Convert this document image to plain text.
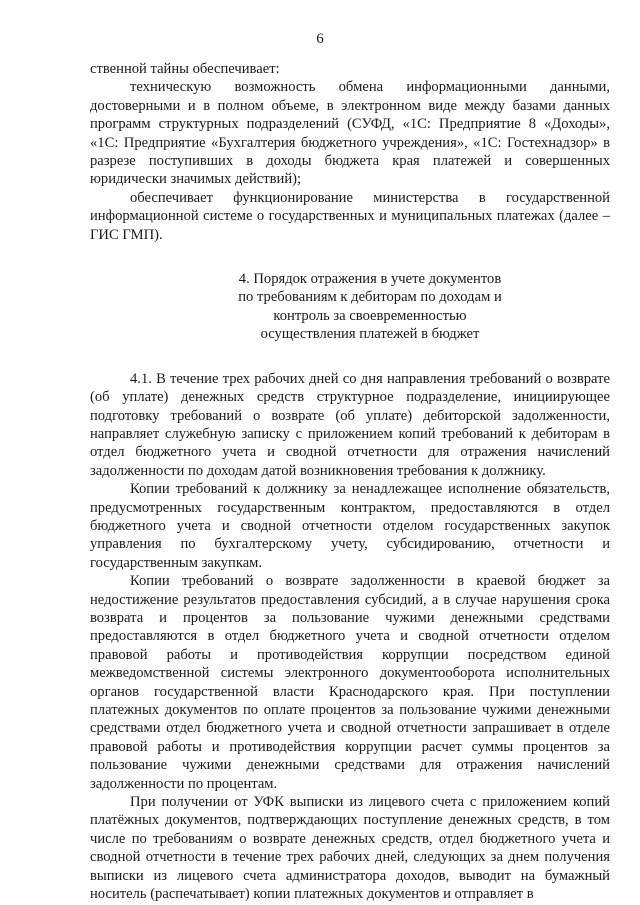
6

ственной тайны обеспечивает:

техническую возможность обмена информационными данными, достоверными и в полном объеме, в электронном виде между базами данных программ структурных подразделений (СУФД, «1С: Предприятие 8 «Доходы», «1С: Предприятие «Бухгалтерия бюджетного учреждения», «1С: Гостехнадзор» в разрезе поступивших в доходы бюджета края платежей и совершенных юридически значимых действий);

обеспечивает функционирование министерства в государственной информационной системе о государственных и муниципальных платежах (далее – ГИС ГМП).

4. Порядок отражения в учете документов по требованиям к дебиторам по доходам и контроль за своевременностью осуществления платежей в бюджет

4.1. В течение трех рабочих дней со дня направления требований о возврате (об уплате) денежных средств структурное подразделение, инициирующее подготовку требований о возврате (об уплате) дебиторской задолженности, направляет служебную записку с приложением копий требований к дебиторам в отдел бюджетного учета и сводной отчетности для отражения начислений задолженности по доходам датой возникновения требования к должнику.

Копии требований к должнику за ненадлежащее исполнение обязательств, предусмотренных государственным контрактом, предоставляются в отдел бюджетного учета и сводной отчетности отделом государственных закупок управления по бухгалтерскому учету, субсидированию, отчетности и государственным закупкам.

Копии требований о возврате задолженности в краевой бюджет за недостижение результатов предоставления субсидий, а в случае нарушения срока возврата и процентов за пользование чужими денежными средствами предоставляются в отдел бюджетного учета и сводной отчетности отделом правовой работы и противодействия коррупции посредством единой межведомственной системы электронного документооборота исполнительных органов государственной власти Краснодарского края. При поступлении платежных документов по оплате процентов за пользование чужими денежными средствами отдел бюджетного учета и сводной отчетности запрашивает в отделе правовой работы и противодействия коррупции расчет суммы процентов за пользование чужими денежными средствами для отражения начислений задолженности по процентам.

При получении от УФК выписки из лицевого счета с приложением копий платёжных документов, подтверждающих поступление денежных средств, в том числе по требованиям о возврате денежных средств, отдел бюджетного учета и сводной отчетности в течение трех рабочих дней, следующих за днем получения выписки из лицевого счета администратора доходов, выводит на бумажный носитель (распечатывает) копии платежных документов и отправляет в
